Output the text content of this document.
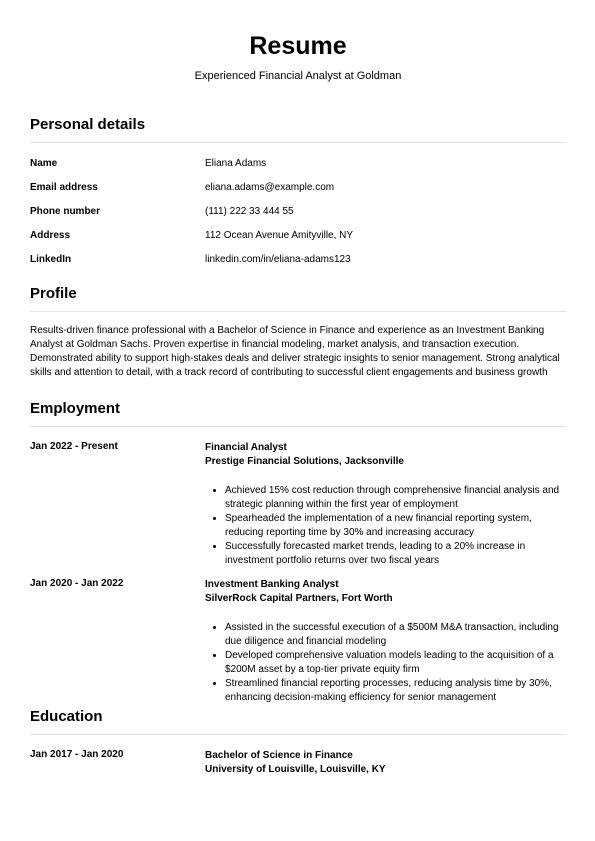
Resume
Experienced Financial Analyst at Goldman
Personal details
Name	Eliana Adams
Email address	eliana.adams@example.com
Phone number	(111) 222 33 444 55
Address	112 Ocean Avenue Amityville, NY
LinkedIn	linkedin.com/in/eliana-adams123
Profile
Results-driven finance professional with a Bachelor of Science in Finance and experience as an Investment Banking Analyst at Goldman Sachs. Proven expertise in financial modeling, market analysis, and transaction execution. Demonstrated ability to support high-stakes deals and deliver strategic insights to senior management. Strong analytical skills and attention to detail, with a track record of contributing to successful client engagements and business growth
Employment
Jan 2022 - Present	Financial Analyst
Prestige Financial Solutions, Jacksonville
• Achieved 15% cost reduction through comprehensive financial analysis and strategic planning within the first year of employment
• Spearheaded the implementation of a new financial reporting system, reducing reporting time by 30% and increasing accuracy
• Successfully forecasted market trends, leading to a 20% increase in investment portfolio returns over two fiscal years
Jan 2020 - Jan 2022	Investment Banking Analyst
SilverRock Capital Partners, Fort Worth
• Assisted in the successful execution of a $500M M&A transaction, including due diligence and financial modeling
• Developed comprehensive valuation models leading to the acquisition of a $200M asset by a top-tier private equity firm
• Streamlined financial reporting processes, reducing analysis time by 30%, enhancing decision-making efficiency for senior management
Education
Jan 2017 - Jan 2020	Bachelor of Science in Finance
University of Louisville, Louisville, KY
